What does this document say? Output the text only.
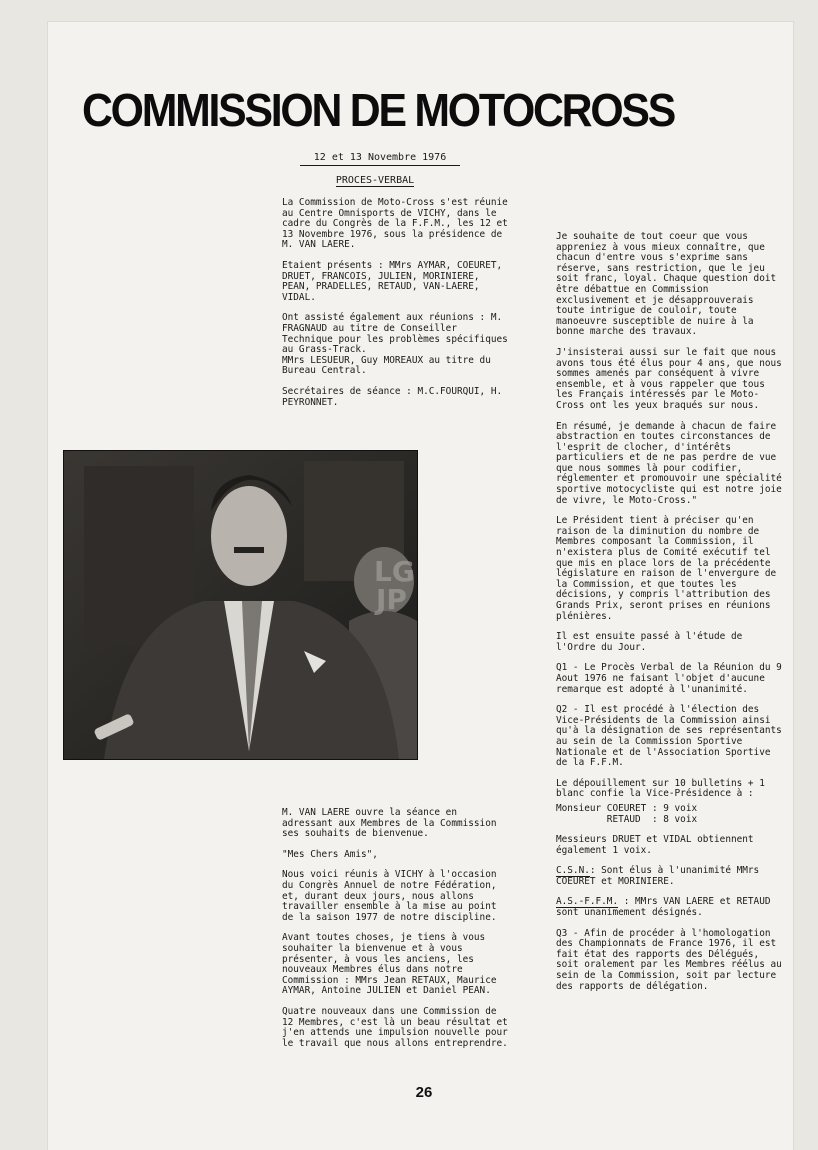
COMMISSION DE MOTOCROSS
12 et 13 Novembre 1976
PROCES-VERBAL

La Commission de Moto-Cross s'est réunie au Centre Omnisports de VICHY, dans le cadre du Congrès de la F.F.M., les 12 et 13 Novembre 1976, sous la présidence de M. VAN LAERE.

Etaient présents : MMrs AYMAR, COEURET, DRUET, FRANCOIS, JULIEN, MORINIERE, PEAN, PRADELLES, RETAUD, VAN-LAERE, VIDAL.

Ont assisté également aux réunions : M. FRAGNAUD au titre de Conseiller Technique pour les problèmes spécifiques au Grass-Track.

MMrs LESUEUR, Guy MOREAUX au titre du Bureau Central.

Secrétaires de séance : M.C.FOURQUI, H. PEYRONNET.

LG
JP

M. VAN LAERE ouvre la séance en adressant aux Membres de la Commission ses souhaits de bienvenue.

"Mes Chers Amis",

Nous voici réunis à VICHY à l'occasion du Congrès Annuel de notre Fédération, et, durant deux jours, nous allons travailler ensemble à la mise au point de la saison 1977 de notre discipline.

Avant toutes choses, je tiens à vous souhaiter la bienvenue et à vous présenter, à vous les anciens, les nouveaux Membres élus dans notre Commission : MMrs Jean RETAUX, Maurice AYMAR, Antoine JULIEN et Daniel PEAN.

Quatre nouveaux dans une Commission de 12 Membres, c'est là un beau résultat et j'en attends une impulsion nouvelle pour le travail que nous allons entreprendre.

Je souhaite de tout coeur que vous appreniez à vous mieux connaître, que chacun d'entre vous s'exprime sans réserve, sans restriction, que le jeu soit franc, loyal. Chaque question doit être débattue en Commission exclusivement et je désapprouverais toute intrigue de couloir, toute manoeuvre susceptible de nuire à la bonne marche des travaux.

J'insisterai aussi sur le fait que nous avons tous été élus pour 4 ans, que nous sommes amenés par conséquent à vivre ensemble, et à vous rappeler que tous les Français intéressés par le Moto-Cross ont les yeux braqués sur nous.

En résumé, je demande à chacun de faire abstraction en toutes circonstances de l'esprit de clocher, d'intérêts particuliers et de ne pas perdre de vue que nous sommes là pour codifier, réglementer et promouvoir une spécialité sportive motocycliste qui est notre joie de vivre, le Moto-Cross."

Le Président tient à préciser qu'en raison de la diminution du nombre de Membres composant la Commission, il n'existera plus de Comité exécutif tel que mis en place lors de la précédente législature en raison de l'envergure de la Commission, et que toutes les décisions, y compris l'attribution des Grands Prix, seront prises en réunions plénières.

Il est ensuite passé à l'étude de l'Ordre du Jour.

Q1 - Le Procès Verbal de la Réunion du 9 Aout 1976 ne faisant l'objet d'aucune remarque est adopté à l'unanimité.

Q2 - Il est procédé à l'élection des Vice-Présidents de la Commission ainsi qu'à la désignation de ses représentants au sein de la Commission Sportive Nationale et de l'Association Sportive de la F.F.M.

Le dépouillement sur 10 bulletins + 1 blanc confie la Vice-Présidence à :

Monsieur COEURET : 9 voix
RETAUD  : 8 voix

Messieurs DRUET et VIDAL obtiennent également 1 voix.

C.S.N.: Sont élus à l'unanimité MMrs COEURET et MORINIERE.

A.S.-F.F.M. : MMrs VAN LAERE et RETAUD sont unanimement désignés.

Q3 - Afin de procéder à l'homologation des Championnats de France 1976, il est fait état des rapports des Délégués, soit oralement par les Membres réélus au sein de la Commission, soit par lecture des rapports de délégation.

26
